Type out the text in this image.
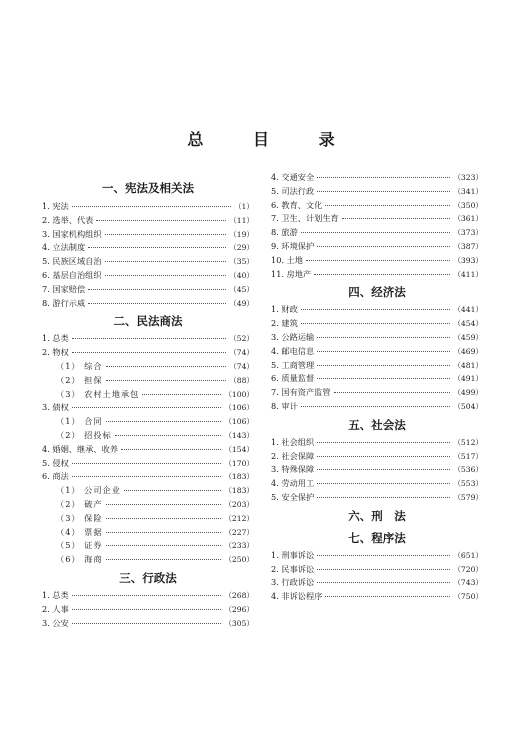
总 目 录
一、宪法及相关法
1. 宪法	（1）
2. 选举、代表	（11）
3. 国家机构组织	（19）
4. 立法制度	（29）
5. 民族区域自治	（35）
6. 基层自治组织	（40）
7. 国家赔偿	（45）
8. 游行示威	（49）
二、民法商法
1. 总类	（52）
2. 物权	（74）
（1） 综合	（74）
（2） 担保	（88）
（3） 农村土地承包	（100）
3. 债权	（106）
（1） 合同	（106）
（2） 招投标	（143）
4. 婚姻、继承、收养	（154）
5. 侵权	（170）
6. 商法	（183）
（1） 公司企业	（183）
（2） 破产	（203）
（3） 保险	（212）
（4） 票据	（227）
（5） 证券	（233）
（6） 海商	（250）
三、行政法
1. 总类	（268）
2. 人事	（296）
3. 公安	（305）
4. 交通安全	（323）
5. 司法行政	（341）
6. 教育、文化	（350）
7. 卫生、计划生育	（361）
8. 旅游	（373）
9. 环境保护	（387）
10. 土地	（393）
11. 房地产	（411）
四、经济法
1. 财政	（441）
2. 建筑	（454）
3. 公路运输	（459）
4. 邮电信息	（469）
5. 工商管理	（481）
6. 质量监督	（491）
7. 国有资产监管	（499）
8. 审计	（504）
五、社会法
1. 社会组织	（512）
2. 社会保障	（517）
3. 特殊保障	（536）
4. 劳动用工	（553）
5. 安全保护	（579）
六、刑　法
七、程序法
1. 刑事诉讼	（651）
2. 民事诉讼	（720）
3. 行政诉讼	（743）
4. 非诉讼程序	（750）
